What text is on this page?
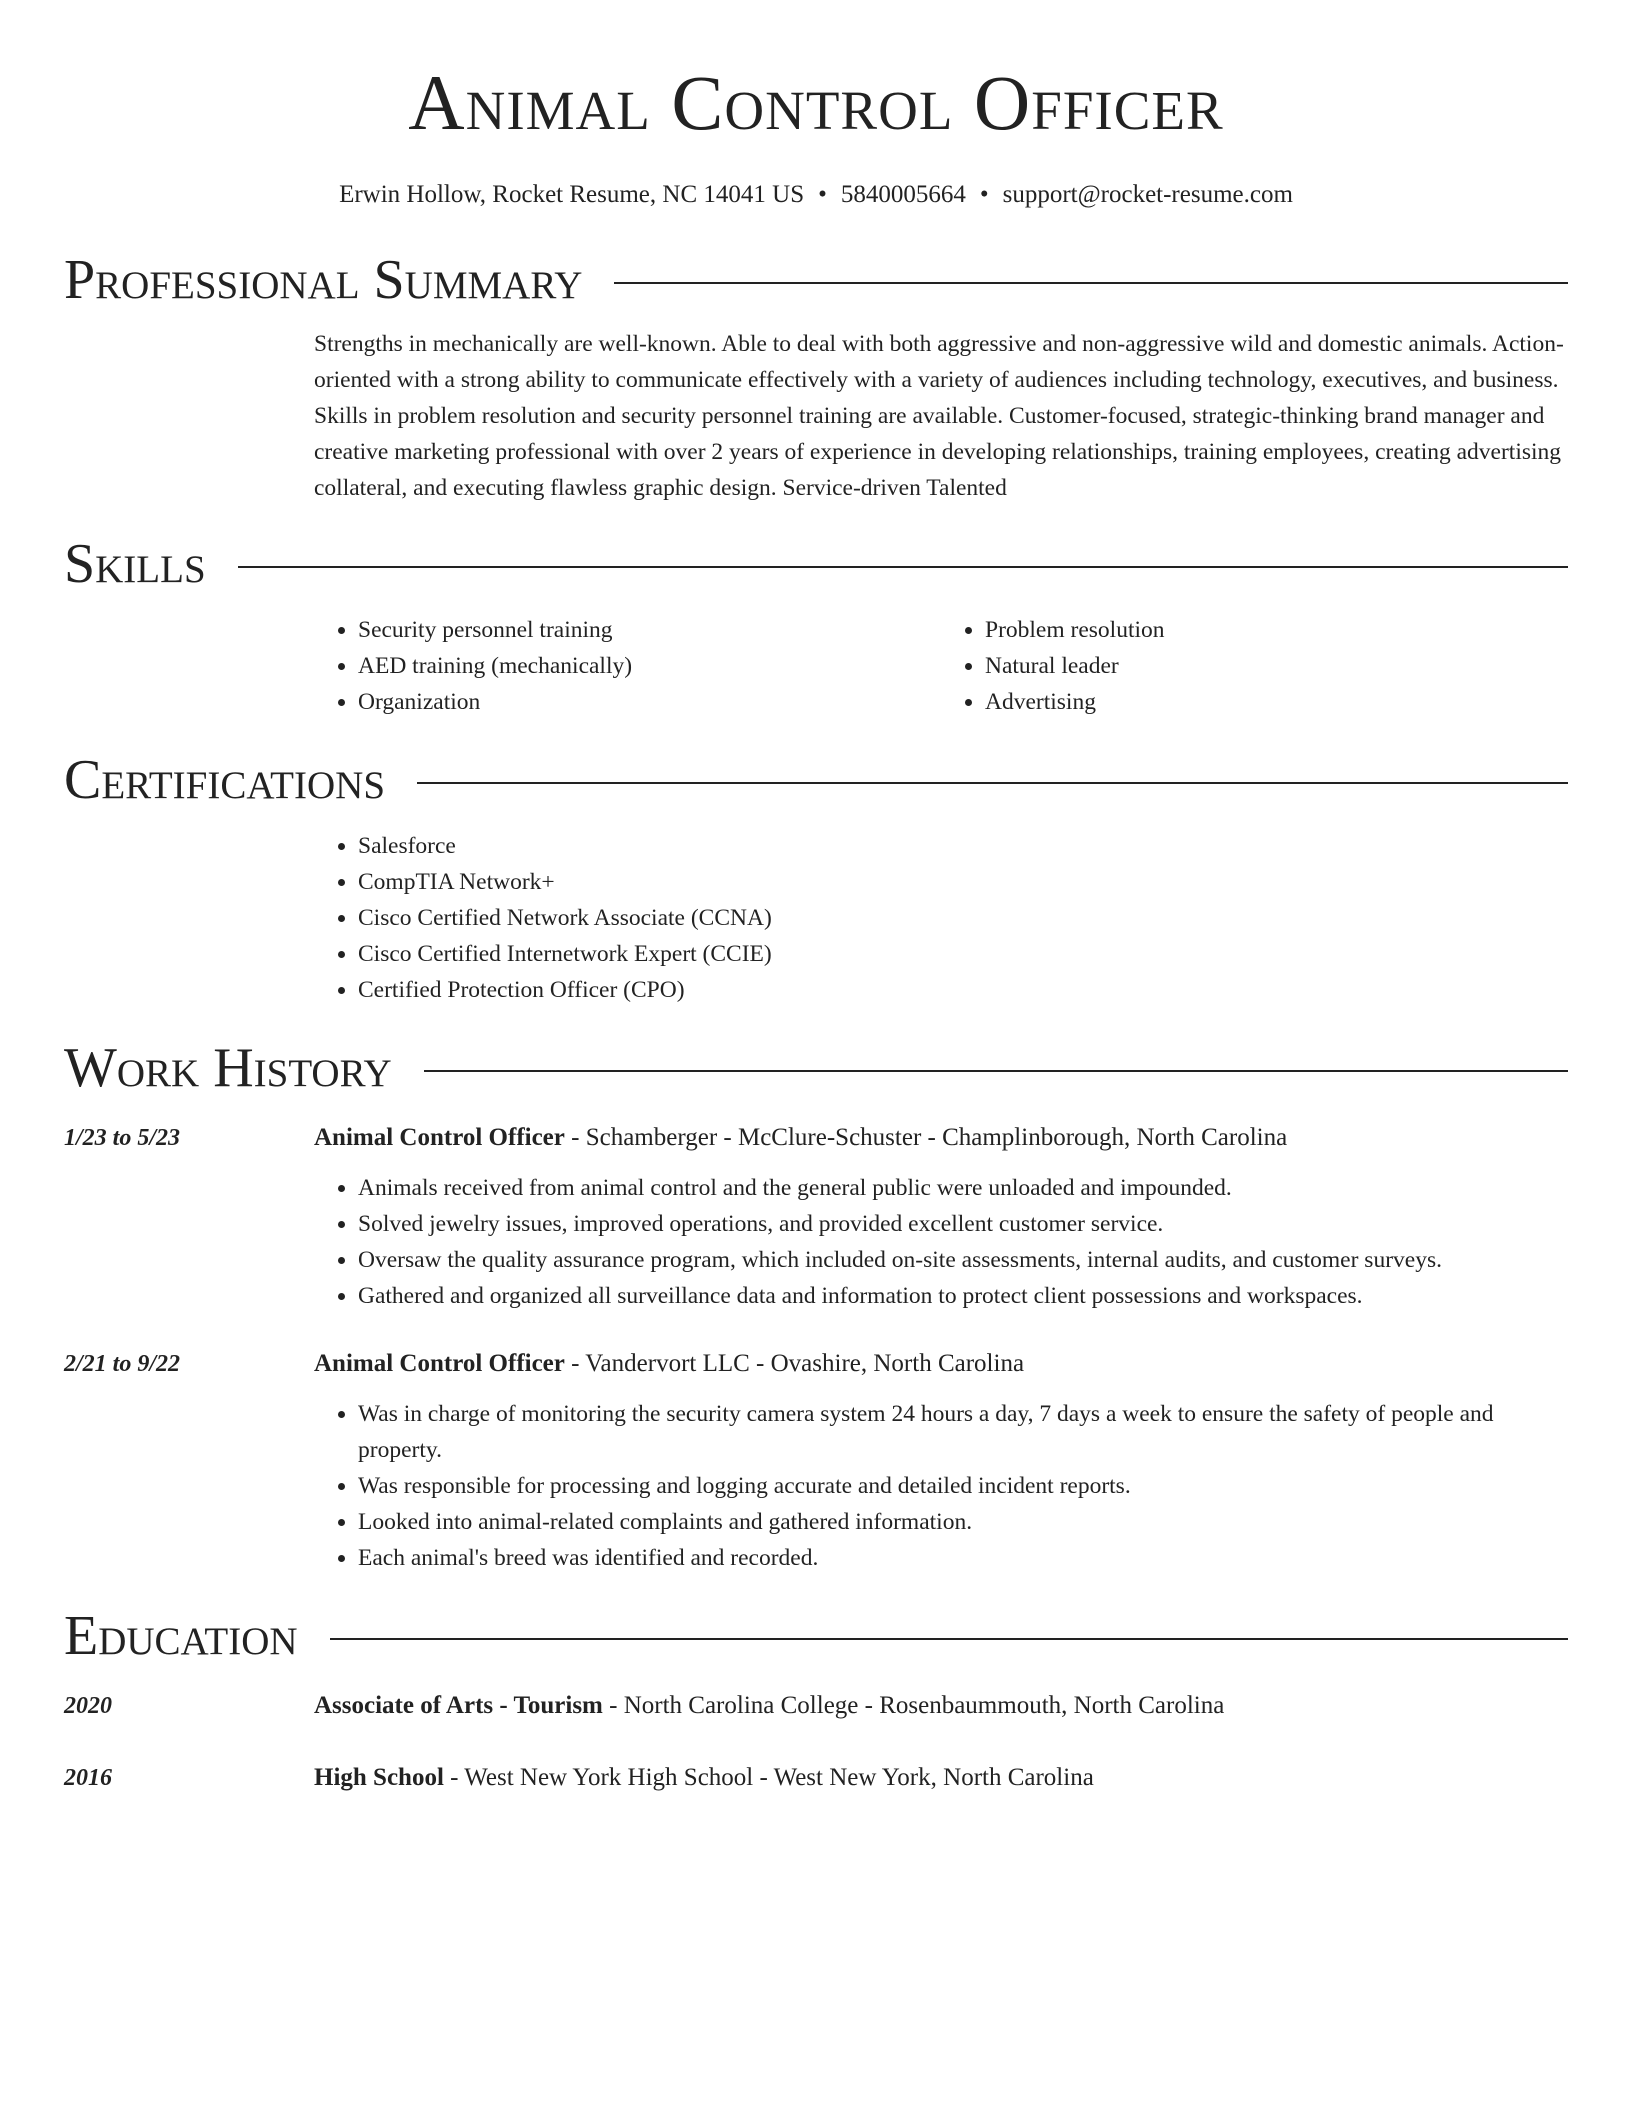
Animal Control Officer
Erwin Hollow, Rocket Resume, NC 14041 US • 5840005664 • support@rocket-resume.com
Professional Summary

Strengths in mechanically are well-known. Able to deal with both aggressive and non-aggressive wild and domestic animals. Action-oriented with a strong ability to communicate effectively with a variety of audiences including technology, executives, and business. Skills in problem resolution and security personnel training are available. Customer-focused, strategic-thinking brand manager and creative marketing professional with over 2 years of experience in developing relationships, training employees, creating advertising collateral, and executing flawless graphic design. Service-driven Talented

Skills
• Security personnel training
• AED training (mechanically)
• Organization
• Problem resolution
• Natural leader
• Advertising
Certifications
• Salesforce
• CompTIA Network+
• Cisco Certified Network Associate (CCNA)
• Cisco Certified Internetwork Expert (CCIE)
• Certified Protection Officer (CPO)
Work History
1/23 to 5/23	Animal Control Officer - Schamberger - McClure-Schuster - Champlinborough, North Carolina
• Animals received from animal control and the general public were unloaded and impounded.
• Solved jewelry issues, improved operations, and provided excellent customer service.
• Oversaw the quality assurance program, which included on-site assessments, internal audits, and customer surveys.
• Gathered and organized all surveillance data and information to protect client possessions and workspaces.
2/21 to 9/22	Animal Control Officer - Vandervort LLC - Ovashire, North Carolina
• Was in charge of monitoring the security camera system 24 hours a day, 7 days a week to ensure the safety of people and property.
• Was responsible for processing and logging accurate and detailed incident reports.
• Looked into animal-related complaints and gathered information.
• Each animal's breed was identified and recorded.
Education
2020	Associate of Arts - Tourism - North Carolina College - Rosenbaummouth, North Carolina
2016	High School - West New York High School - West New York, North Carolina
